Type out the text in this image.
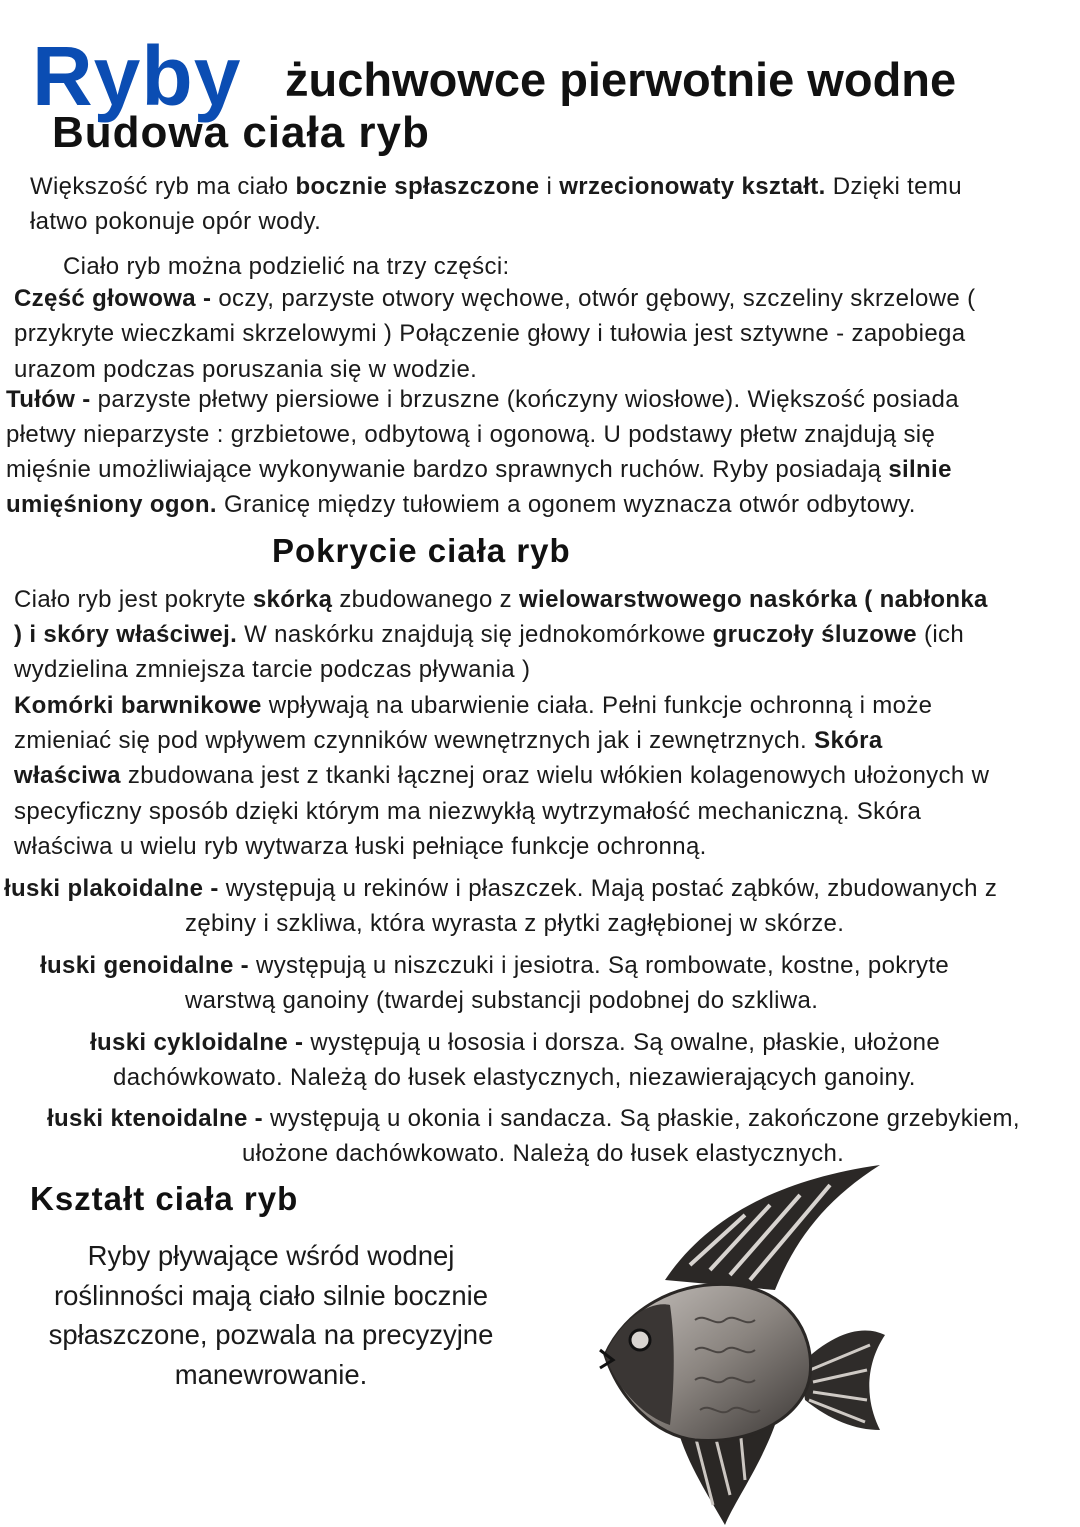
Ryby żuchwowce pierwotnie wodne
Budowa ciała ryb
Pokrycie ciała ryb
Kształt ciała ryb
Większość ryb ma ciało bocznie spłaszczone i wrzecionowaty kształt. Dzięki temu
łatwo pokonuje opór wody.
Ciało ryb można podzielić na trzy części:
Część głowowa - oczy, parzyste otwory węchowe, otwór gębowy, szczeliny skrzelowe (
przykryte wieczkami skrzelowymi ) Połączenie głowy i tułowia jest sztywne - zapobiega
urazom podczas poruszania się w wodzie.
Tułów - parzyste płetwy piersiowe i brzuszne (kończyny wiosłowe). Większość posiada
płetwy nieparzyste : grzbietowe, odbytową i ogonową. U podstawy płetw znajdują się
mięśnie umożliwiające wykonywanie bardzo sprawnych ruchów. Ryby posiadają silnie
umięśniony ogon. Granicę między tułowiem a ogonem wyznacza otwór odbytowy.
Ciało ryb jest pokryte skórką zbudowanego z wielowarstwowego naskórka ( nabłonka
) i skóry właściwej. W naskórku znajdują się jednokomórkowe gruczoły śluzowe (ich
wydzielina zmniejsza tarcie podczas pływania )
Komórki barwnikowe wpływają na ubarwienie ciała. Pełni funkcje ochronną i może
zmieniać się pod wpływem czynników wewnętrznych jak i zewnętrznych. Skóra
właściwa zbudowana jest z tkanki łącznej oraz wielu włókien kolagenowych ułożonych w
specyficzny sposób dzięki którym ma niezwykłą wytrzymałość mechaniczną. Skóra
właściwa u wielu ryb wytwarza łuski pełniące funkcje ochronną.
łuski plakoidalne - występują u rekinów i płaszczek. Mają postać ząbków, zbudowanych z
zębiny i szkliwa, która wyrasta z płytki zagłębionej w skórze.
łuski genoidalne - występują u niszczuki i jesiotra. Są rombowate, kostne, pokryte
warstwą ganoiny (twardej substancji podobnej do szkliwa.
łuski cykloidalne - występują u łososia i dorsza. Są owalne, płaskie, ułożone
dachówkowato. Należą do łusek elastycznych, niezawierających ganoiny.
łuski ktenoidalne - występują u okonia i sandacza. Są płaskie, zakończone grzebykiem,
ułożone dachówkowato. Należą do łusek elastycznych.
Ryby pływające wśród wodnej
roślinności mają ciało silnie bocznie
spłaszczone, pozwala na precyzyjne
manewrowanie.
